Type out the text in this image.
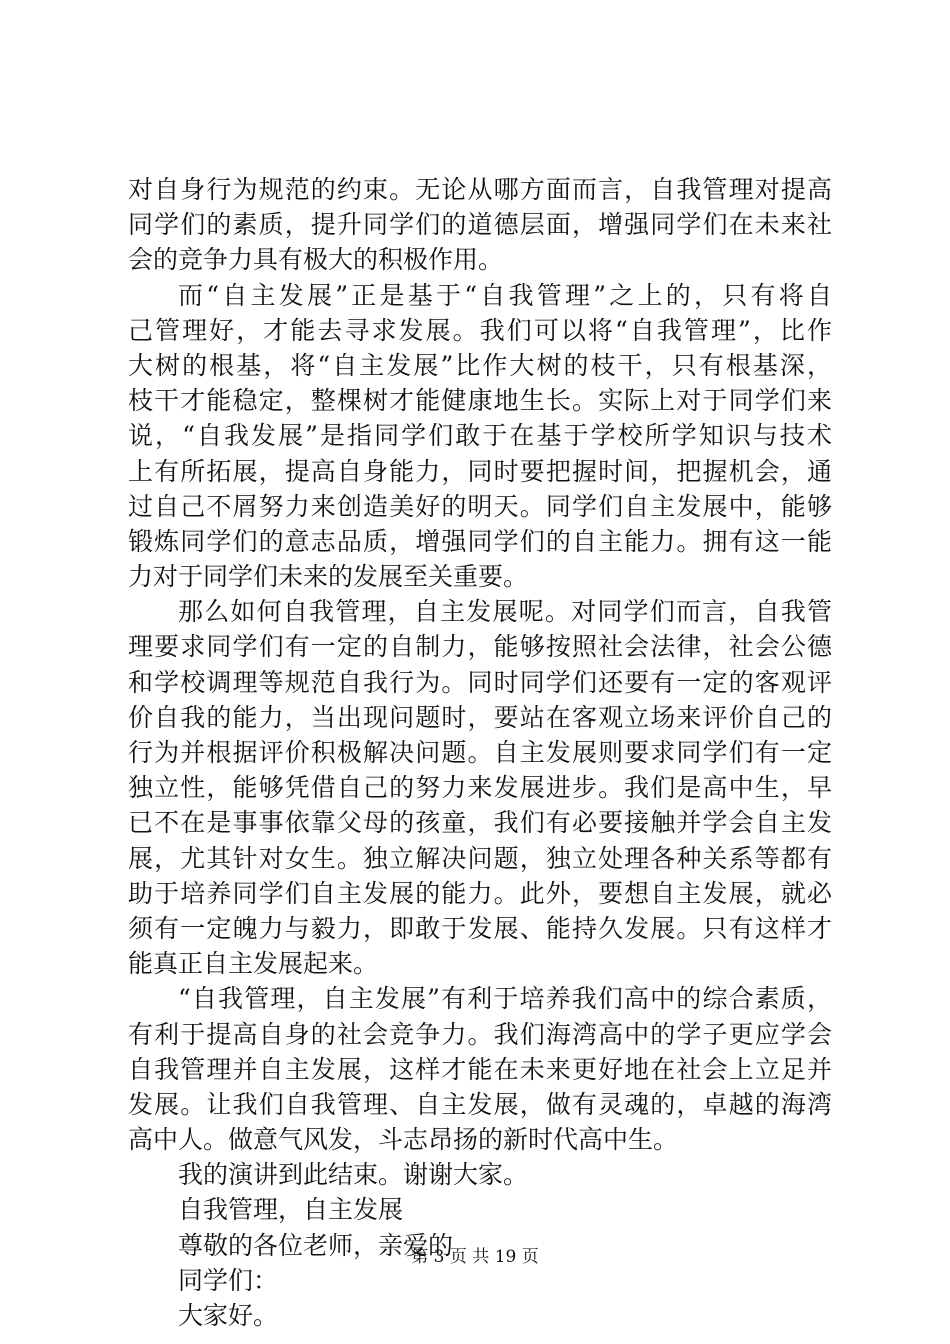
对自身行为规范的约束。无论从哪方面而言，自我管理对提高
同学们的素质，提升同学们的道德层面，增强同学们在未来社
会的竞争力具有极大的积极作用。
而“自主发展”正是基于“自我管理”之上的，只有将自
己管理好，才能去寻求发展。我们可以将“自我管理”，比作
大树的根基，将“自主发展”比作大树的枝干，只有根基深，
枝干才能稳定，整棵树才能健康地生长。实际上对于同学们来
说，“自我发展”是指同学们敢于在基于学校所学知识与技术
上有所拓展，提高自身能力，同时要把握时间，把握机会，通
过自己不屑努力来创造美好的明天。同学们自主发展中，能够
锻炼同学们的意志品质，增强同学们的自主能力。拥有这一能
力对于同学们未来的发展至关重要。
那么如何自我管理，自主发展呢。对同学们而言，自我管
理要求同学们有一定的自制力，能够按照社会法律，社会公德
和学校调理等规范自我行为。同时同学们还要有一定的客观评
价自我的能力，当出现问题时，要站在客观立场来评价自己的
行为并根据评价积极解决问题。自主发展则要求同学们有一定
独立性，能够凭借自己的努力来发展进步。我们是高中生，早
已不在是事事依靠父母的孩童，我们有必要接触并学会自主发
展，尤其针对女生。独立解决问题，独立处理各种关系等都有
助于培养同学们自主发展的能力。此外，要想自主发展，就必
须有一定魄力与毅力，即敢于发展、能持久发展。只有这样才
能真正自主发展起来。
“自我管理，自主发展”有利于培养我们高中的综合素质，
有利于提高自身的社会竞争力。我们海湾高中的学子更应学会
自我管理并自主发展，这样才能在未来更好地在社会上立足并
发展。让我们自我管理、自主发展，做有灵魂的，卓越的海湾
高中人。做意气风发，斗志昂扬的新时代高中生。
我的演讲到此结束。谢谢大家。
自我管理，自主发展
尊敬的各位老师，亲爱的
同学们：
大家好。
第 3 页 共 19 页
